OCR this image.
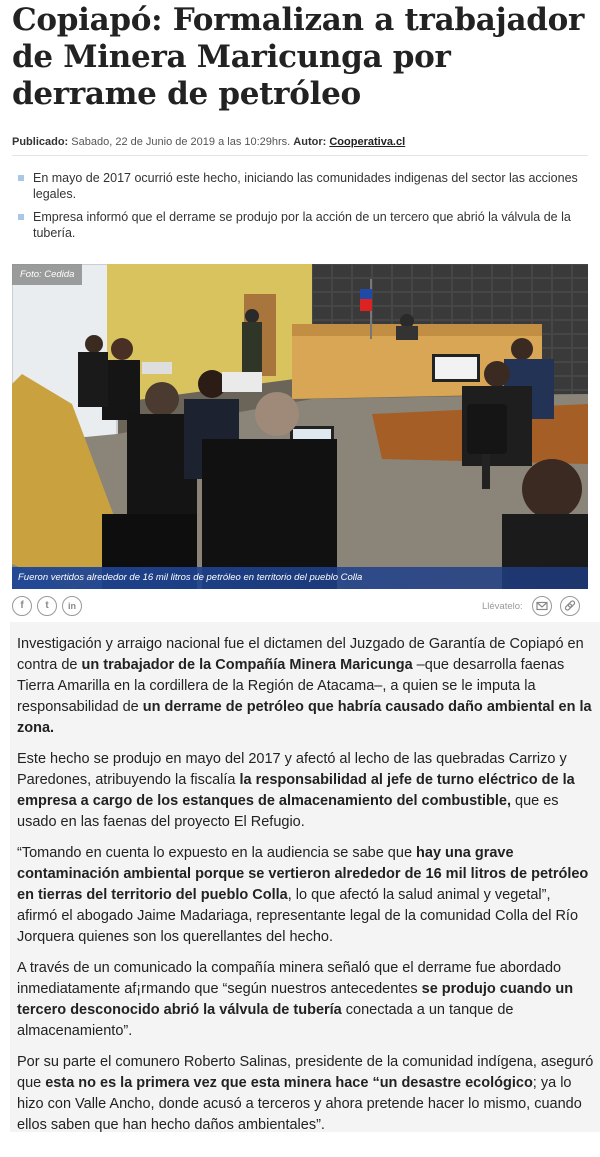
Copiapó: Formalizan a trabajador de Minera Maricunga por derrame de petróleo
Publicado: Sabado, 22 de Junio de 2019 a las 10:29hrs. Autor: Cooperativa.cl
En mayo de 2017 ocurrió este hecho, iniciando las comunidades indigenas del sector las acciones legales.
Empresa informó que el derrame se produjo por la acción de un tercero que abrió la válvula de la tubería.
Foto: Cedida
Fueron vertidos alrededor de 16 mil litros de petróleo en territorio del pueblo Colla
f	t	in	Llévatelo:

Investigación y arraigo nacional fue el dictamen del Juzgado de Garantía de Copiapó en contra de un trabajador de la Compañía Minera Maricunga –que desarrolla faenas Tierra Amarilla en la cordillera de la Región de Atacama–, a quien se le imputa la responsabilidad de un derrame de petróleo que habría causado daño ambiental en la zona.

Este hecho se produjo en mayo del 2017 y afectó al lecho de las quebradas Carrizo y Paredones, atribuyendo la fiscalía la responsabilidad al jefe de turno eléctrico de la empresa a cargo de los estanques de almacenamiento del combustible, que es usado en las faenas del proyecto El Refugio.

“Tomando en cuenta lo expuesto en la audiencia se sabe que hay una grave contaminación ambiental porque se vertieron alrededor de 16 mil litros de petróleo en tierras del territorio del pueblo Colla, lo que afectó la salud animal y vegetal”, afirmó el abogado Jaime Madariaga, representante legal de la comunidad Colla del Río Jorquera quienes son los querellantes del hecho.

A través de un comunicado la compañía minera señaló que el derrame fue abordado inmediatamente af¡rmando que “según nuestros antecedentes se produjo cuando un tercero desconocido abrió la válvula de tubería conectada a un tanque de almacenamiento”.

Por su parte el comunero Roberto Salinas, presidente de la comunidad indígena, aseguró que esta no es la primera vez que esta minera hace “un desastre ecológico; ya lo hizo con Valle Ancho, donde acusó a terceros y ahora pretende hacer lo mismo, cuando ellos saben que han hecho daños ambientales”.
